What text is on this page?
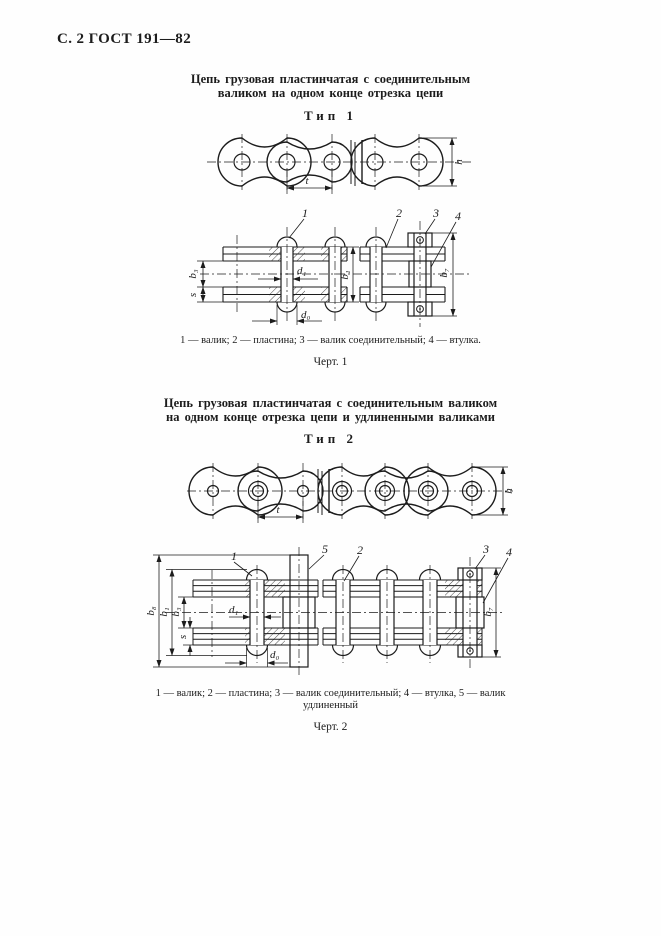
С. 2 ГОСТ 191—82
Цепь грузовая пластинчатая с соединительным
валиком на одном конце отрезка цепи
Тип 1
t
h
b₃
s
b₁
d₁
d₀
b₇
1	2	3 4
1 — валик; 2 — пластина; 3 — валик соединительный; 4 — втулка.
Черт. 1
Цепь грузовая пластинчатая с соединительным валиком
на одном конце отрезка цепи и удлиненными валиками
Тип 2
t
h
b₈ b₁ b₃
s
d₁
d₀
b₇
1	5 2	3 4
1 — валик; 2 — пластина; 3 — валик соединительный; 4 — втулка, 5 — валик
удлиненный
Черт. 2
